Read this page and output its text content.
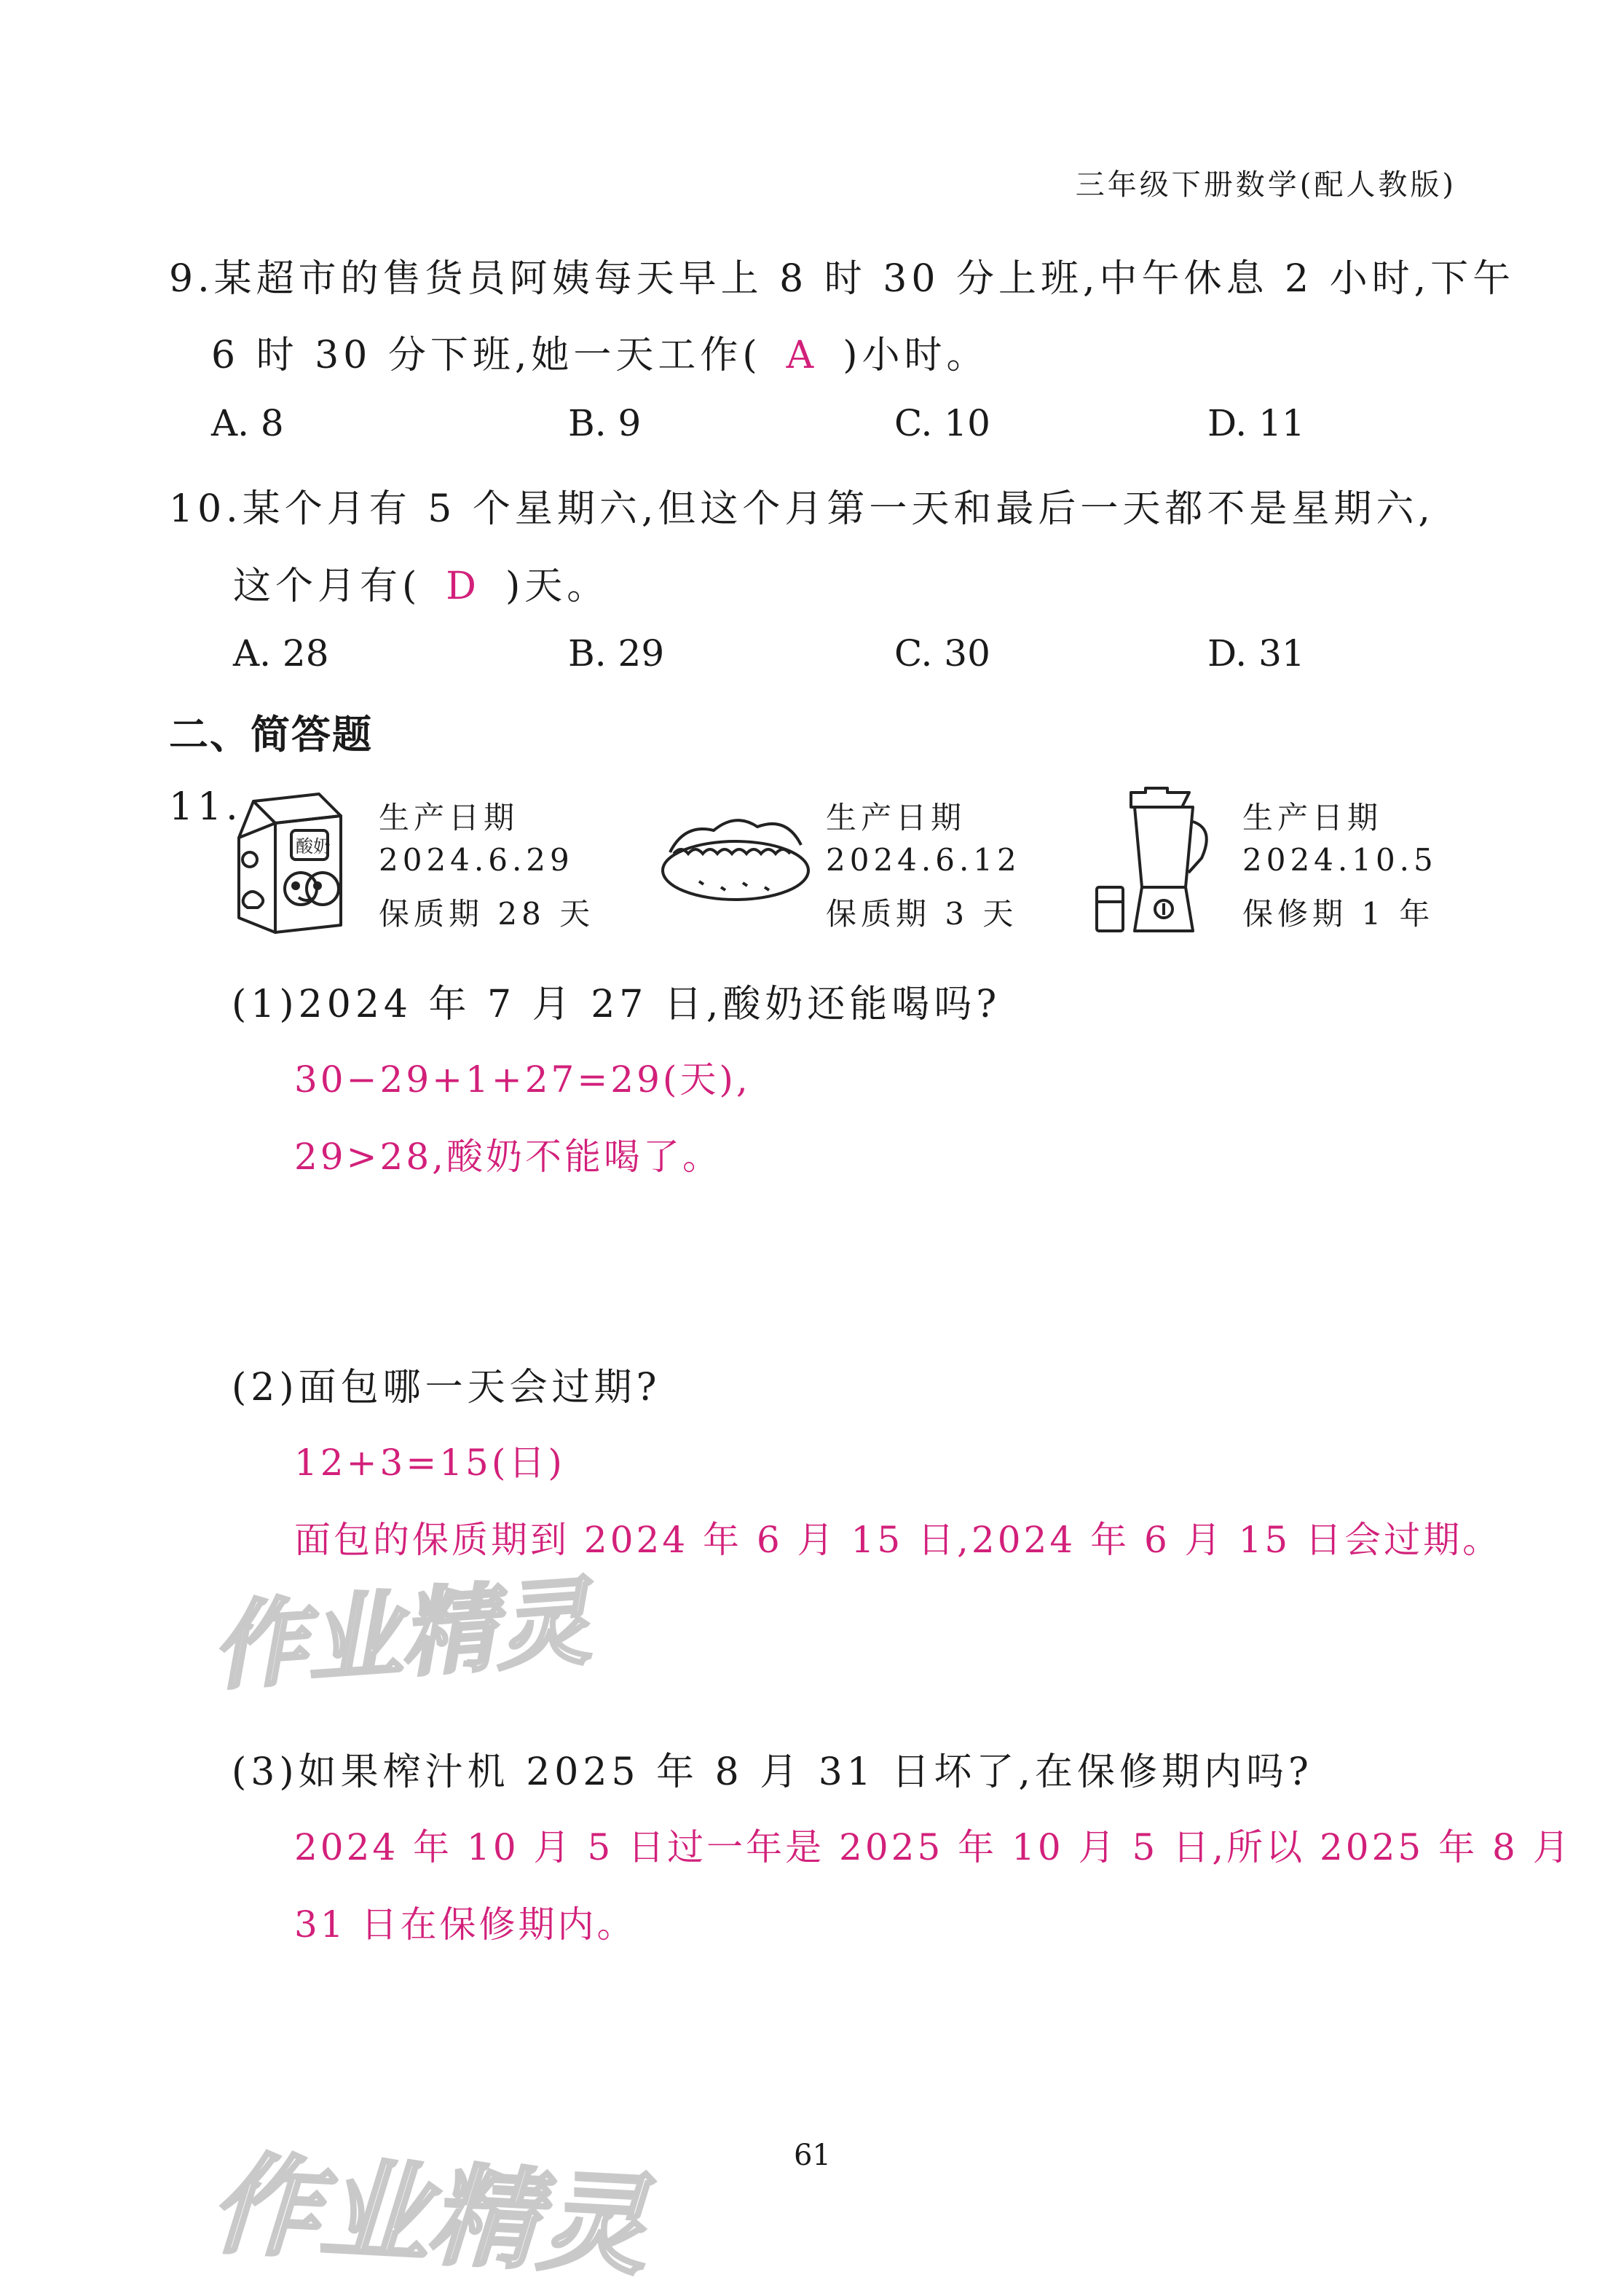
三年级下册数学(配人教版)
9.某超市的售货员阿姨每天早上 8 时 30 分上班,中午休息 2 小时,下午
6 时 30 分下班,她一天工作( A )小时。
A. 8	B. 9	C. 10	D. 11
10.某个月有 5 个星期六,但这个月第一天和最后一天都不是星期六,
这个月有( D )天。
A. 28	B. 29	C. 30	D. 31
二、简答题
11.
酸奶
生产日期
2024.6.29
保质期 28 天
生产日期
2024.6.12
保质期 3 天
生产日期
2024.10.5
保修期 1 年
(1)2024 年 7 月 27 日,酸奶还能喝吗?
30−29+1+27=29(天),
29>28,酸奶不能喝了。
(2)面包哪一天会过期?
12+3=15(日)
面包的保质期到 2024 年 6 月 15 日,2024 年 6 月 15 日会过期。
作业精灵
(3)如果榨汁机 2025 年 8 月 31 日坏了,在保修期内吗?
2024 年 10 月 5 日过一年是 2025 年 10 月 5 日,所以 2025 年 8 月
31 日在保修期内。
61
作业精灵
